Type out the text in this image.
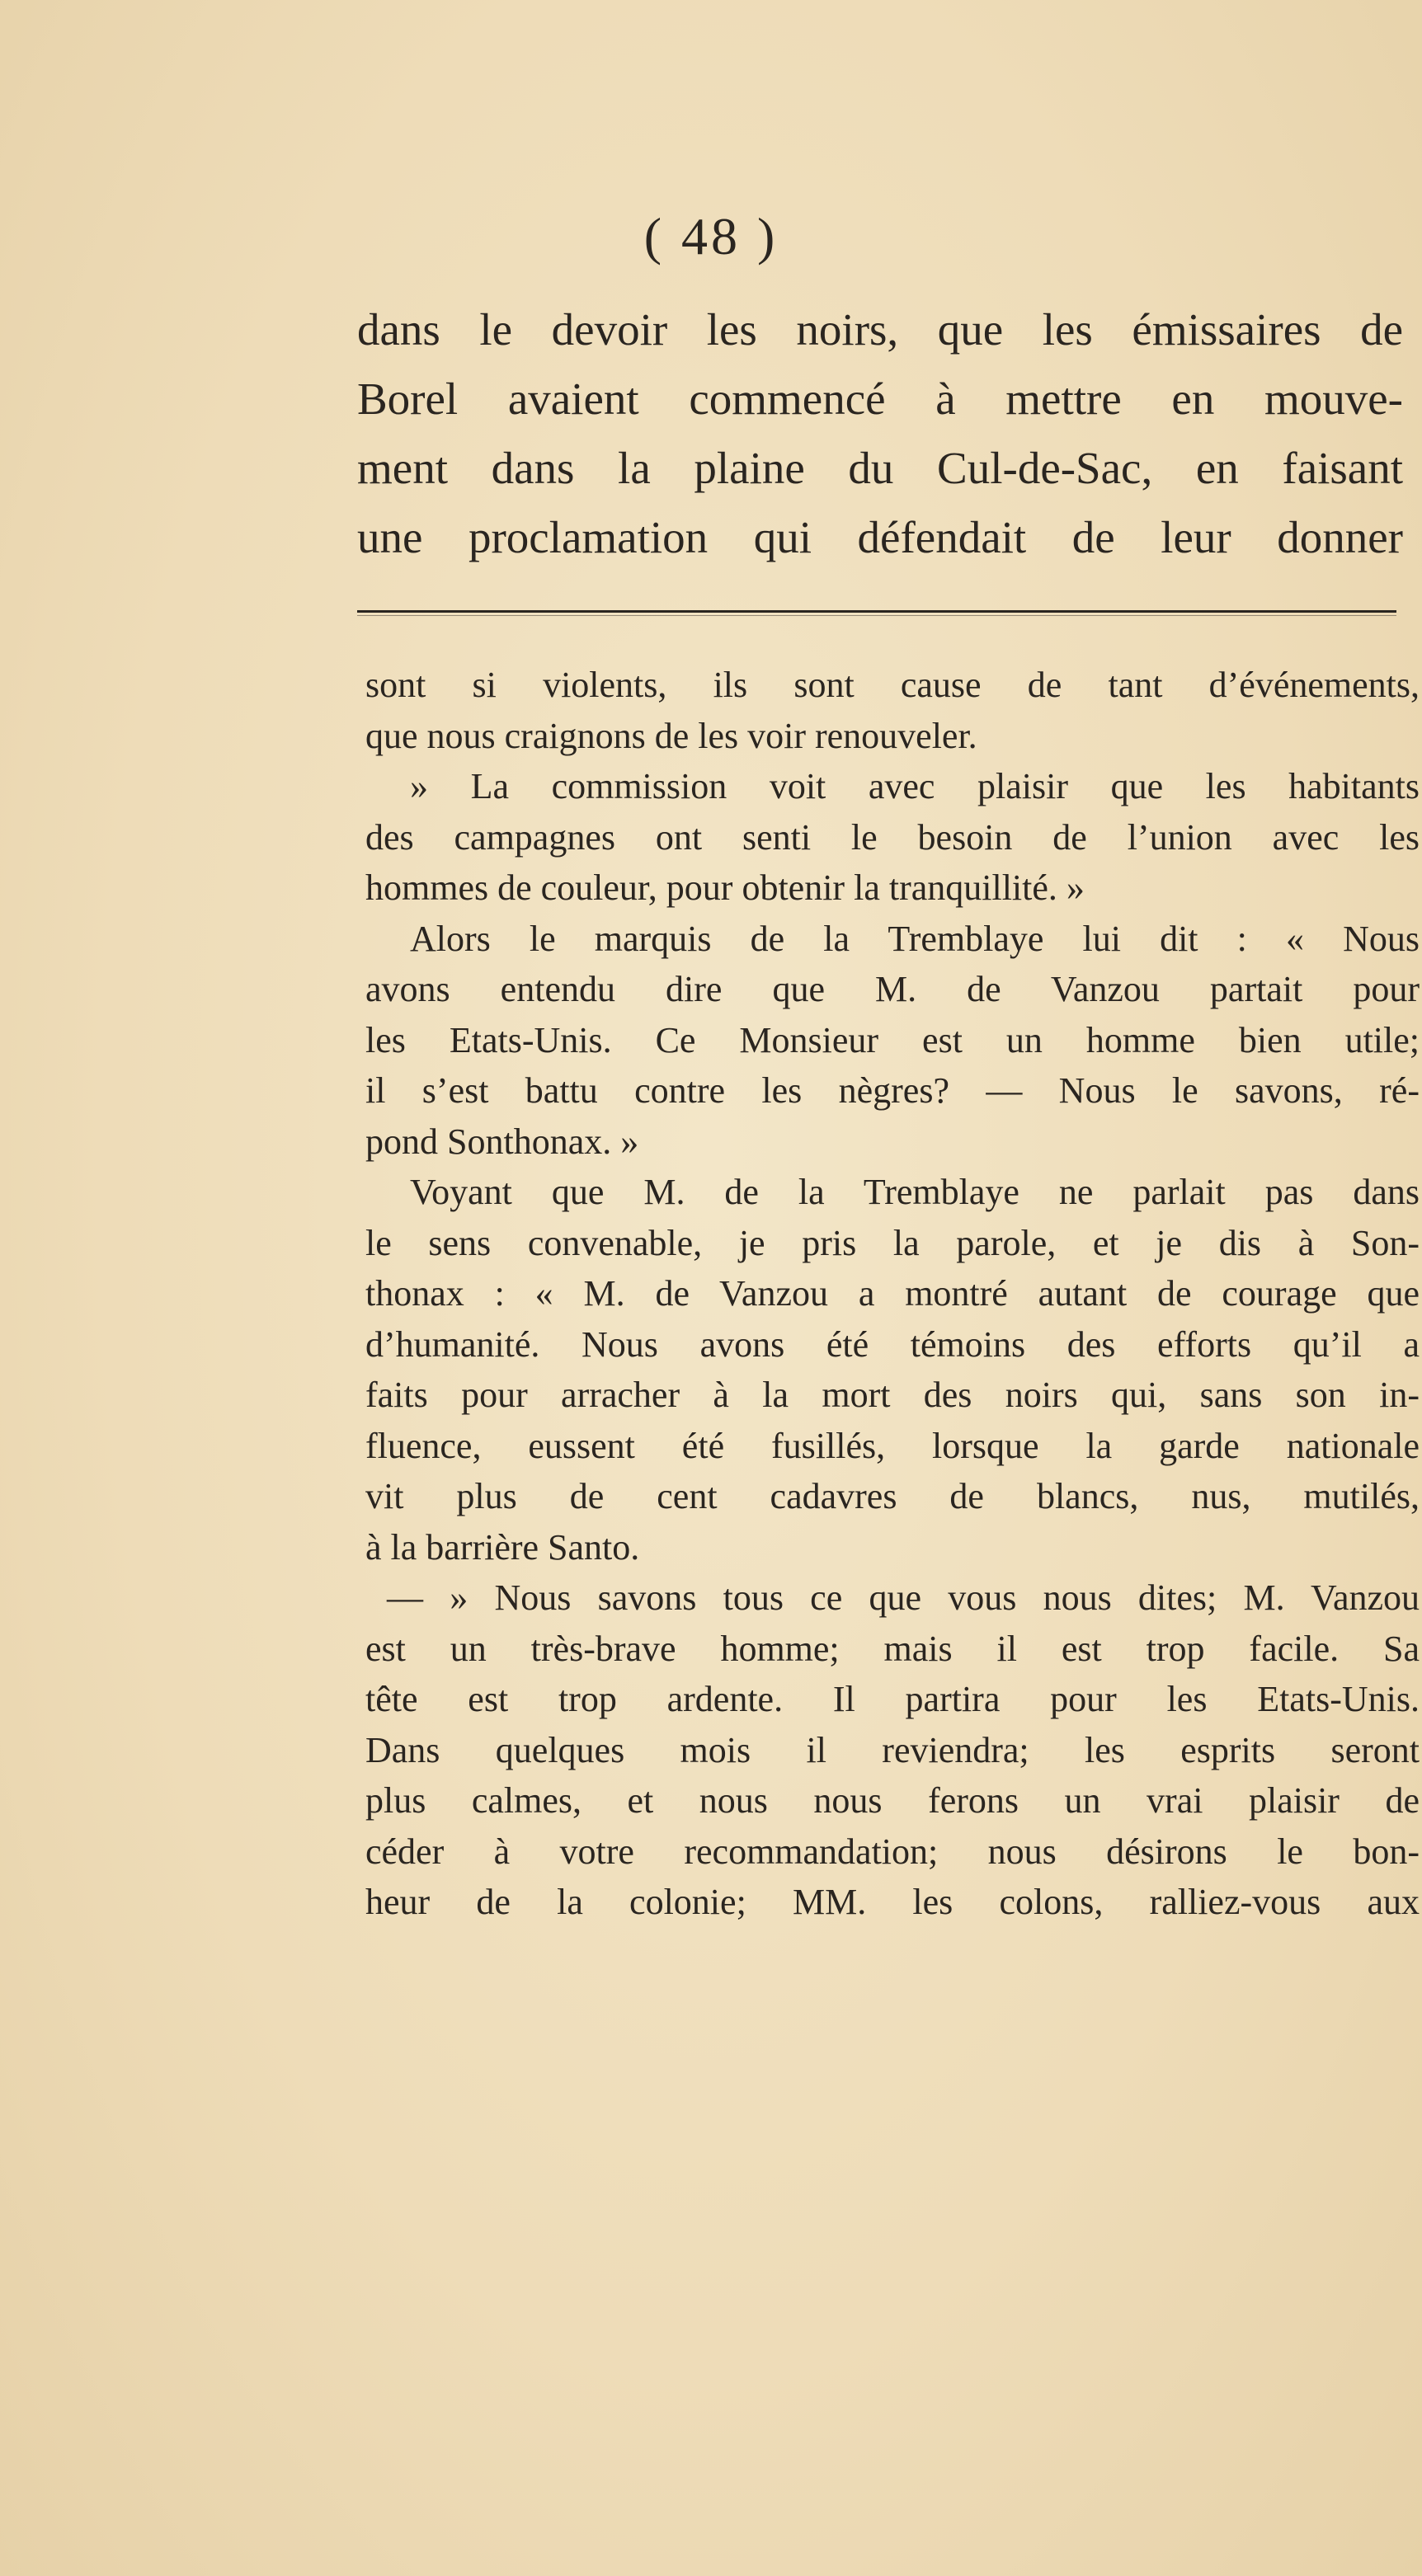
( 48 )
dans le devoir les noirs, que les émissaires de
Borel avaient commencé à mettre en mouve-
ment dans la plaine du Cul-de-Sac, en faisant
une proclamation qui défendait de leur donner
sont si violents, ils sont cause de tant d’événements,
que nous craignons de les voir renouveler.
» La commission voit avec plaisir que les habitants
des campagnes ont senti le besoin de l’union avec les
hommes de couleur, pour obtenir la tranquillité. »
Alors le marquis de la Tremblaye lui dit : « Nous
avons entendu dire que M. de Vanzou partait pour
les Etats-Unis. Ce Monsieur est un homme bien utile;
il s’est battu contre les nègres? — Nous le savons, ré-
pond Sonthonax. »
Voyant que M. de la Tremblaye ne parlait pas dans
le sens convenable, je pris la parole, et je dis à Son-
thonax : « M. de Vanzou a montré autant de courage que
d’humanité. Nous avons été témoins des efforts qu’il a
faits pour arracher à la mort des noirs qui, sans son in-
fluence, eussent été fusillés, lorsque la garde nationale
vit plus de cent cadavres de blancs, nus, mutilés,
à la barrière Santo.
— » Nous savons tous ce que vous nous dites; M. Vanzou
est un très-brave homme; mais il est trop facile. Sa
tête est trop ardente. Il partira pour les Etats-Unis.
Dans quelques mois il reviendra; les esprits seront
plus calmes, et nous nous ferons un vrai plaisir de
céder à votre recommandation; nous désirons le bon-
heur de la colonie; MM. les colons, ralliez-vous aux
